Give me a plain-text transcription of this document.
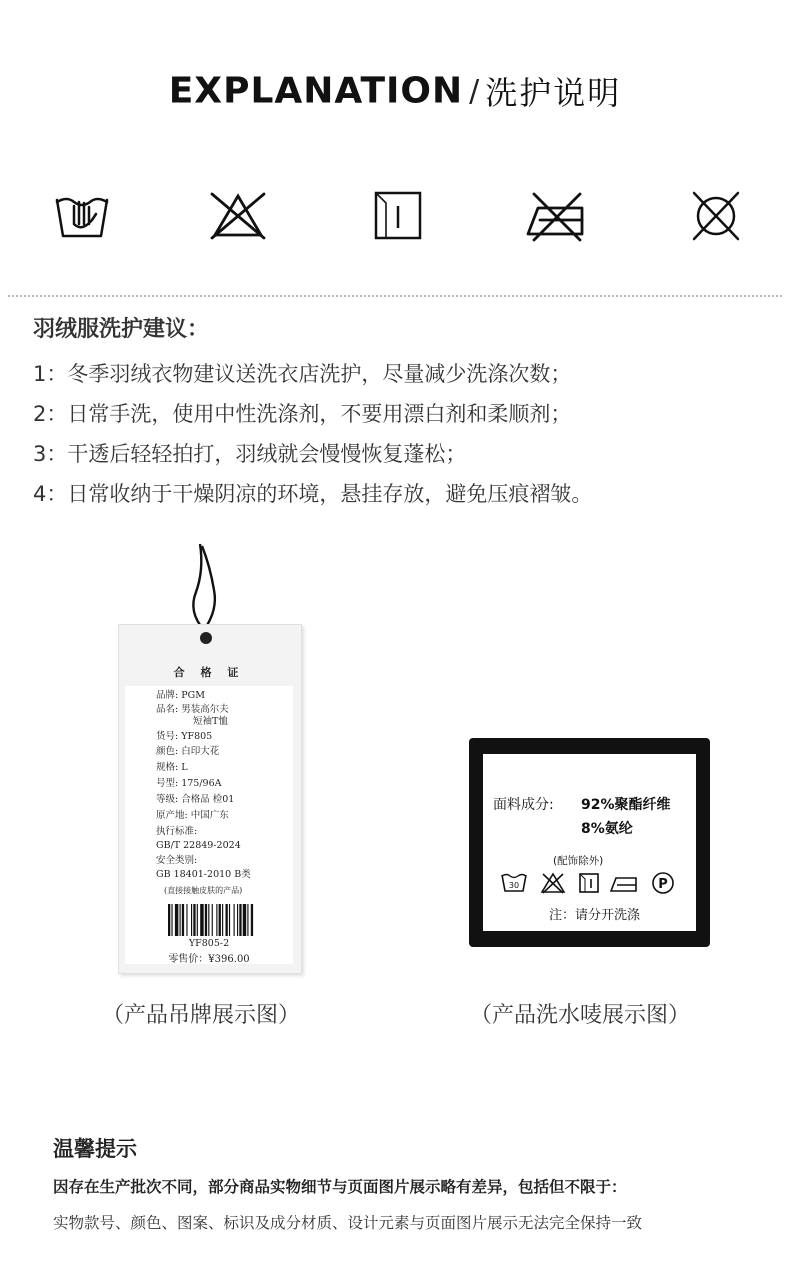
EXPLANATION / 洗护说明
羽绒服洗护建议：
1：冬季羽绒衣物建议送洗衣店洗护，尽量减少洗涤次数；
2：日常手洗，使用中性洗涤剂，不要用漂白剂和柔顺剂；
3：干透后轻轻拍打，羽绒就会慢慢恢复蓬松；
4：日常收纳于干燥阴凉的环境，悬挂存放，避免压痕褶皱。
合 格 证
品牌: PGM
品名: 男装高尔夫
短袖T恤
货号: YF805
颜色: 白印大花
规格: L
号型: 175/96A
等级: 合格品 检01
原产地: 中国广东
执行标准:
GB/T 22849-2024
安全类别:
GB 18401-2010 B类
(直接接触皮肤的产品)
YF805-2
零售价：¥396.00
面料成分: 92%聚酯纤维
8%氨纶
(配饰除外)
30	P
注：请分开洗涤
（产品吊牌展示图）	（产品洗水唛展示图）
温馨提示
因存在生产批次不同，部分商品实物细节与页面图片展示略有差异，包括但不限于：
实物款号、颜色、图案、标识及成分材质、设计元素与页面图片展示无法完全保持一致
